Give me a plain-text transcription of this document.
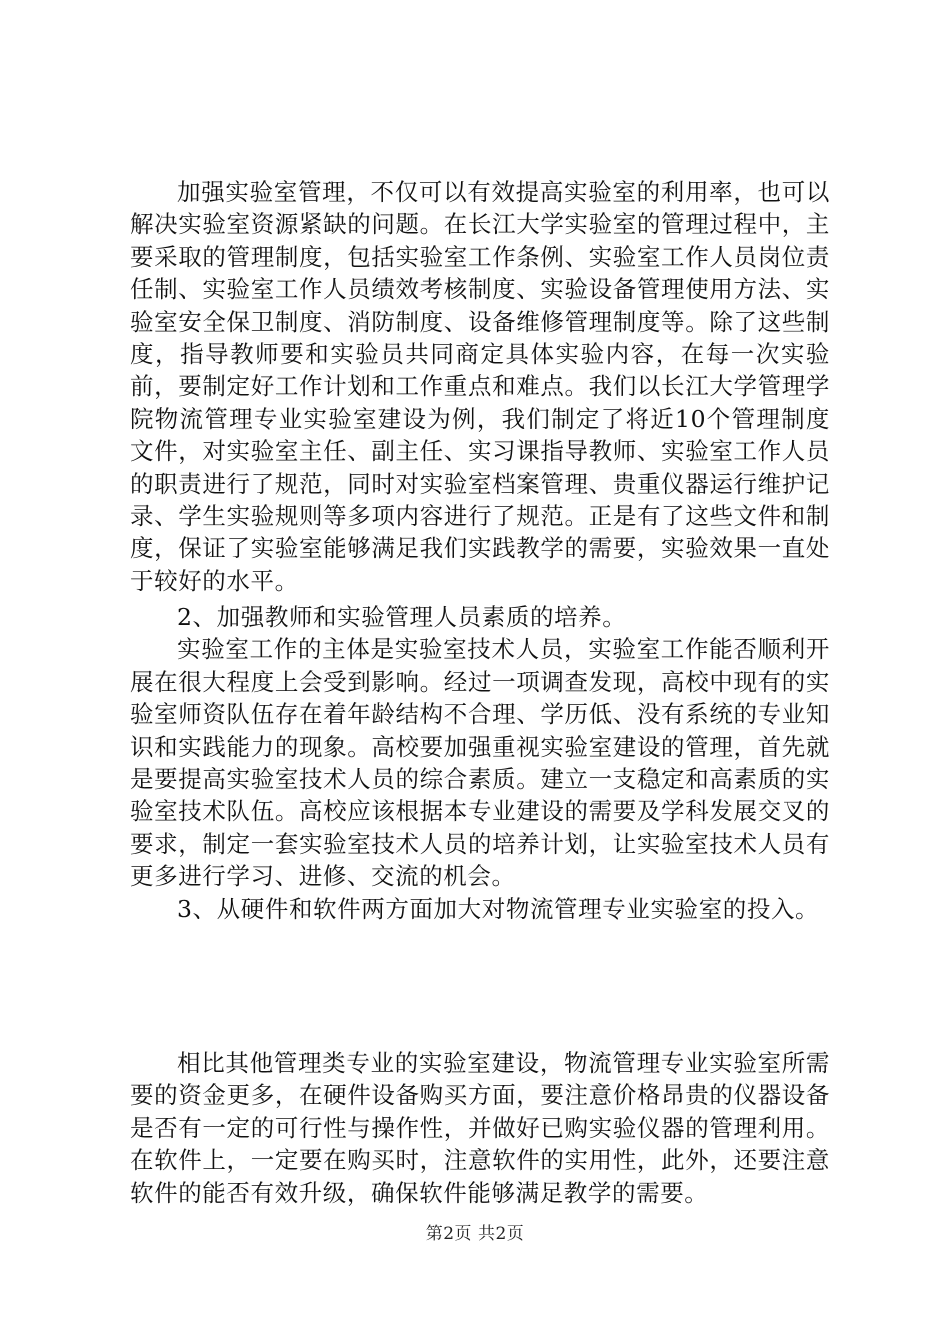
加强实验室管理，不仅可以有效提高实验室的利用率，也可以解决实验室资源紧缺的问题。在长江大学实验室的管理过程中，主要采取的管理制度，包括实验室工作条例、实验室工作人员岗位责任制、实验室工作人员绩效考核制度、实验设备管理使用方法、实验室安全保卫制度、消防制度、设备维修管理制度等。除了这些制度，指导教师要和实验员共同商定具体实验内容，在每一次实验前，要制定好工作计划和工作重点和难点。我们以长江大学管理学院物流管理专业实验室建设为例，我们制定了将近10个管理制度文件，对实验室主任、副主任、实习课指导教师、实验室工作人员的职责进行了规范，同时对实验室档案管理、贵重仪器运行维护记录、学生实验规则等多项内容进行了规范。正是有了这些文件和制度，保证了实验室能够满足我们实践教学的需要，实验效果一直处于较好的水平。

2、加强教师和实验管理人员素质的培养。

实验室工作的主体是实验室技术人员，实验室工作能否顺利开展在很大程度上会受到影响。经过一项调查发现，高校中现有的实验室师资队伍存在着年龄结构不合理、学历低、没有系统的专业知识和实践能力的现象。高校要加强重视实验室建设的管理，首先就是要提高实验室技术人员的综合素质。建立一支稳定和高素质的实验室技术队伍。高校应该根据本专业建设的需要及学科发展交叉的要求，制定一套实验室技术人员的培养计划，让实验室技术人员有更多进行学习、进修、交流的机会。

3、从硬件和软件两方面加大对物流管理专业实验室的投入。

相比其他管理类专业的实验室建设，物流管理专业实验室所需要的资金更多，在硬件设备购买方面，要注意价格昂贵的仪器设备是否有一定的可行性与操作性，并做好已购实验仪器的管理利用。在软件上，一定要在购买时，注意软件的实用性，此外，还要注意软件的能否有效升级，确保软件能够满足教学的需要。

第2页 共2页
